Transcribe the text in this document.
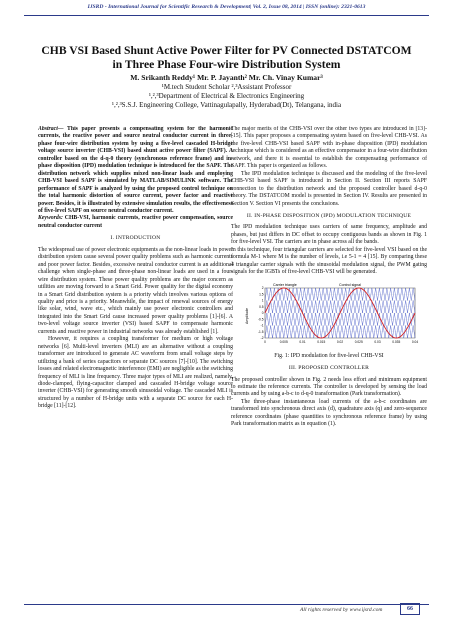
IJSRD - International Journal for Scientific Research & Development| Vol. 2, Issue 08, 2014 | ISSN (online): 2321-0613
CHB VSI Based Shunt Active Power Filter for PV Connected DSTATCOM in Three Phase Four-wire Distribution System
M. Srikanth Reddy¹ Mr. P. Jayanth² Mr. Ch. Vinay Kumar³
¹M.tech Student Scholar ²,³Assistant Professor
¹,²,³Department of Electrical & Electronics Engineering
¹,²,³S.S.J. Engineering College, Vattinagulapally, Hyderabad(Dt), Telangana, india

Abstract— This paper presents a compensating system for the harmonic currents, the reactive power and source neutral conductor current in three-phase four-wire distribution system by using a five-level cascaded H-bridge voltage source inverter (CHB-VSI) based shunt active power filter (SAPF). A controller based on the d-q-0 theory (synchronous reference frame) and in-phase disposition (IPD) modulation technique is introduced for the SAPF. The distribution network which supplies mixed non-linear loads and employing CHB-VSI based SAPF is simulated by MATLAB/SIMULINK software. The performance of SAPF is analyzed by using the proposed control technique on the total harmonic distortion of source current, power factor and reactive power. Besides, it is illustrated by extensive simulation results, the effectiveness of five-level SAPF on source neutral conductor current.

Keywords: CHB-VSI, harmonic currents, reactive power compensation, source neutral conductor current

I. INTRODUCTION

The widespread use of power electronic equipments as the non-linear loads in power distribution system cause several power quality problems such as harmonic currents and poor power factor. Besides, excessive neutral conductor current is an additional challenge when single-phase and three-phase non-linear loads are used in a four-wire distribution system. These power quality problems are the major concern as utilities are moving forward to a Smart Grid. Power quality for the digital economy in a Smart Grid distribution system is a priority which involves various options of quality and price is a priority. Meanwhile, the impact of renewal sources of energy like solar, wind, wave etc., which mainly use power electronic controllers and integrated into the Smart Grid cause increased power quality problems [1]-[6]. A two-level voltage source inverter (VSI) based SAPF to compensate harmonic currents and reactive power in industrial networks was already established [1].

However, it requires a coupling transformer for medium or high voltage networks [6]. Multi-level inverters (MLI) are an alternative without a coupling transformer are introduced to generate AC waveform from small voltage steps by utilizing a bank of series capacitors or separate DC sources [7]-[10]. The switching losses and related electromagnetic interference (EMI) are negligible as the switching frequency of MLI is line frequency. Three major types of MLI are realized, namely, diode-clamped, flying-capacitor clamped and cascaded H-bridge voltage source inverter (CHB-VSI) for generating smooth sinusoidal voltage. The cascaded MLI is structured by a number of H-bridge units with a separate DC source for each H-bridge [11]-[12].

The major merits of the CHB-VSI over the other two types are introduced in [13]-[15]. This paper proposes a compensating system based on five-level CHB-VSI. As the five-level CHB-VSI based SAPF with in-phase disposition (IPD) modulation technique which is considered as an effective compensator in a four-wire distribution network, and there it is essential to establish the compensating performance of SAPF. This paper is organized as follows.

The IPD modulation technique is discussed and the modeling of the five-level CHB-VSI based SAPF is introduced in Section II. Section III reports SAPF connection to the distribution network and the proposed controller based d-q-0 theory. The DSTATCOM model is presented in Section IV. Results are presented in Section V. Section VI presents the conclusions.

II. IN-PHASE DISPOSITION (IPD) MODULATION TECHNIQUE

The IPD modulation technique uses carriers of same frequency, amplitude and phases, but just differs in DC offset to occupy contiguous bands as shown in Fig. 1 for five-level VSI. The carriers are in phase across all the bands.

In this technique, four triangular carriers are selected for five-level VSI based on the formula M-1 where M is the number of levels, i.e 5-1 = 4 [15]. By comparing these 4 triangular carrier signals with the sinusoidal modulation signal, the PWM gating signals for the IGBTs of five-level CHB-VSI will be generated.

2
1.5
1
0.5
0
-0.5
-1
-1.5
-2
0	0.005	0.01	0.015	0.02	0.025	0.03	0.035	0.04
Carrier triangle	Control signal
Amplitude
Fig. 1: IPD modulation for five-level CHB-VSI
III. PROPOSED CONTROLLER

The proposed controller shown in Fig. 2 needs less effort and minimum equipment to estimate the reference currents. The controller is developed by sensing the load currents and by using a-b-c to d-q-0 transformation (Park transformation).

The three-phase instantaneous load currents of the a-b-c coordinates are transformed into synchronous direct axis (d), quadrature axis (q) and zero-sequence reference coordinates (phase quantities to synchronous reference frame) by using Park transformation matrix as in equation (1).

All rights reserved by www.ijsrd.com	66
